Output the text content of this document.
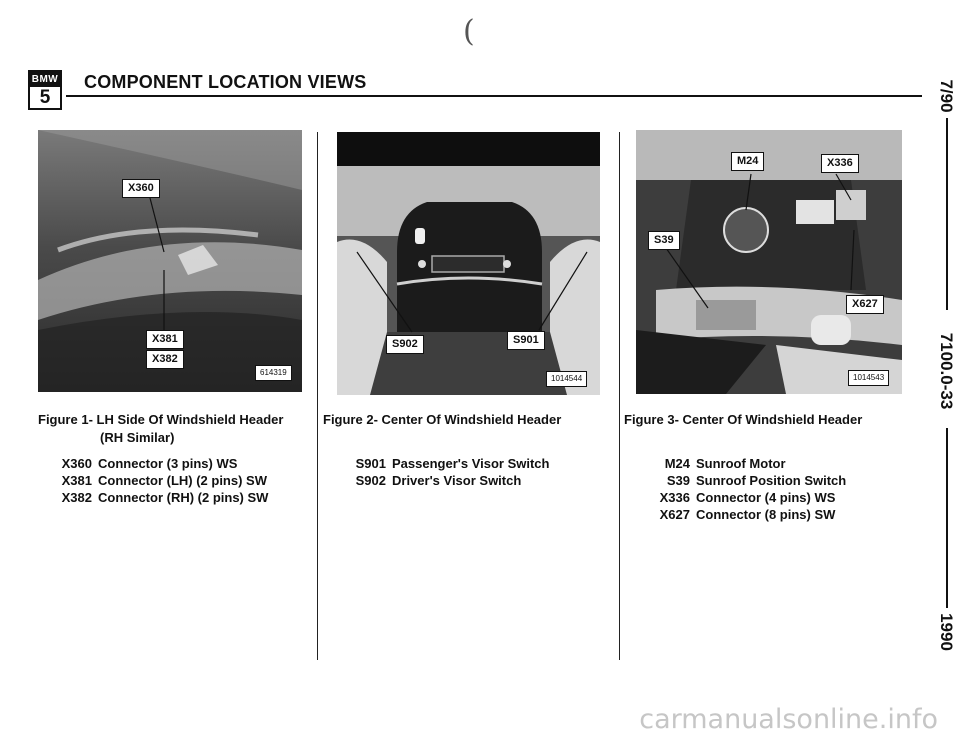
(
BMW
5
COMPONENT LOCATION VIEWS
X360
X381
X382
614319
Figure 1- LH Side Of Windshield Header
(RH Similar)
X360 Connector (3 pins) WS
X381 Connector (LH) (2 pins) SW
X382 Connector (RH) (2 pins) SW
S902	S901
1014544
Figure 2- Center Of Windshield Header
S901 Passenger's Visor Switch
S902 Driver's Visor Switch
M24	X336
S39
X627
1014543
Figure 3- Center Of Windshield Header
M24 Sunroof Motor
S39 Sunroof Position Switch
X336 Connector (4 pins) WS
X627 Connector (8 pins) SW
7/90
7100.0-33
1990
carmanualsonline.info
